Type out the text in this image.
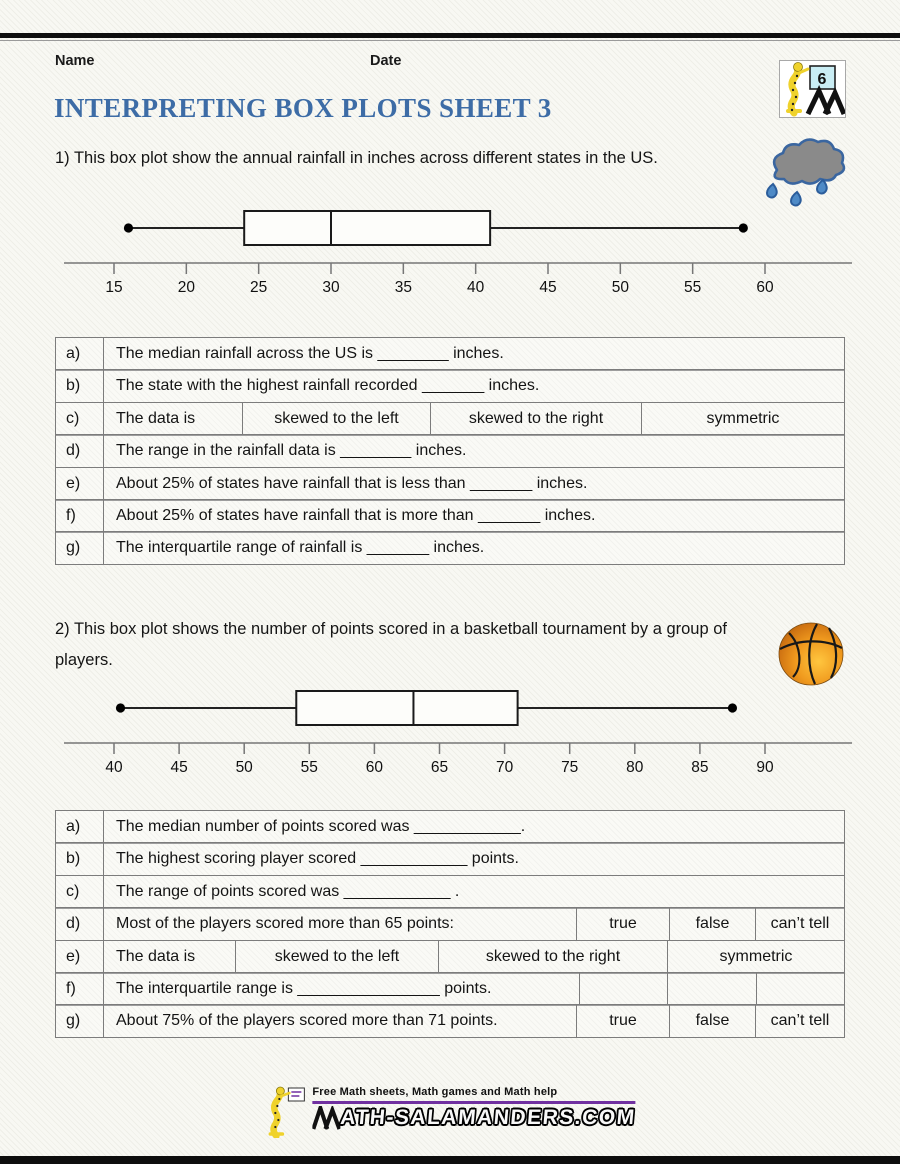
Name	Date
6
INTERPRETING BOX PLOTS SHEET 3
1) This box plot show the annual rainfall in inches across different states in the US.
15	20	25	30	35	40	45	50	55	60
a)	The median rainfall across the US is ________ inches.
b)	The state with the highest rainfall recorded _______ inches.
c)	The data is	skewed to the left	skewed to the right	symmetric
d)	The range in the rainfall data is ________ inches.
e)	About 25% of states have rainfall that is less than _______ inches.
f)	About 25% of states have rainfall that is more than _______ inches.
g)	The interquartile range of rainfall is _______ inches.
2) This box plot shows the number of points scored in a basketball tournament by a group of players.
40	45	50	55	60	65	70	75	80	85	90
a)	The median number of points scored was ____________.
b)	The highest scoring player scored ____________ points.
c)	The range of points scored was ____________ .
d)	Most of the players scored more than 65 points:	true	false	can’t tell
e)	The data is	skewed to the left	skewed to the right	symmetric
f)	The interquartile range is ________________ points.
g)	About 75% of the players scored more than 71 points.	true	false	can’t tell
Free Math sheets, Math games and Math help
ATH-SALAMANDERS.COM
